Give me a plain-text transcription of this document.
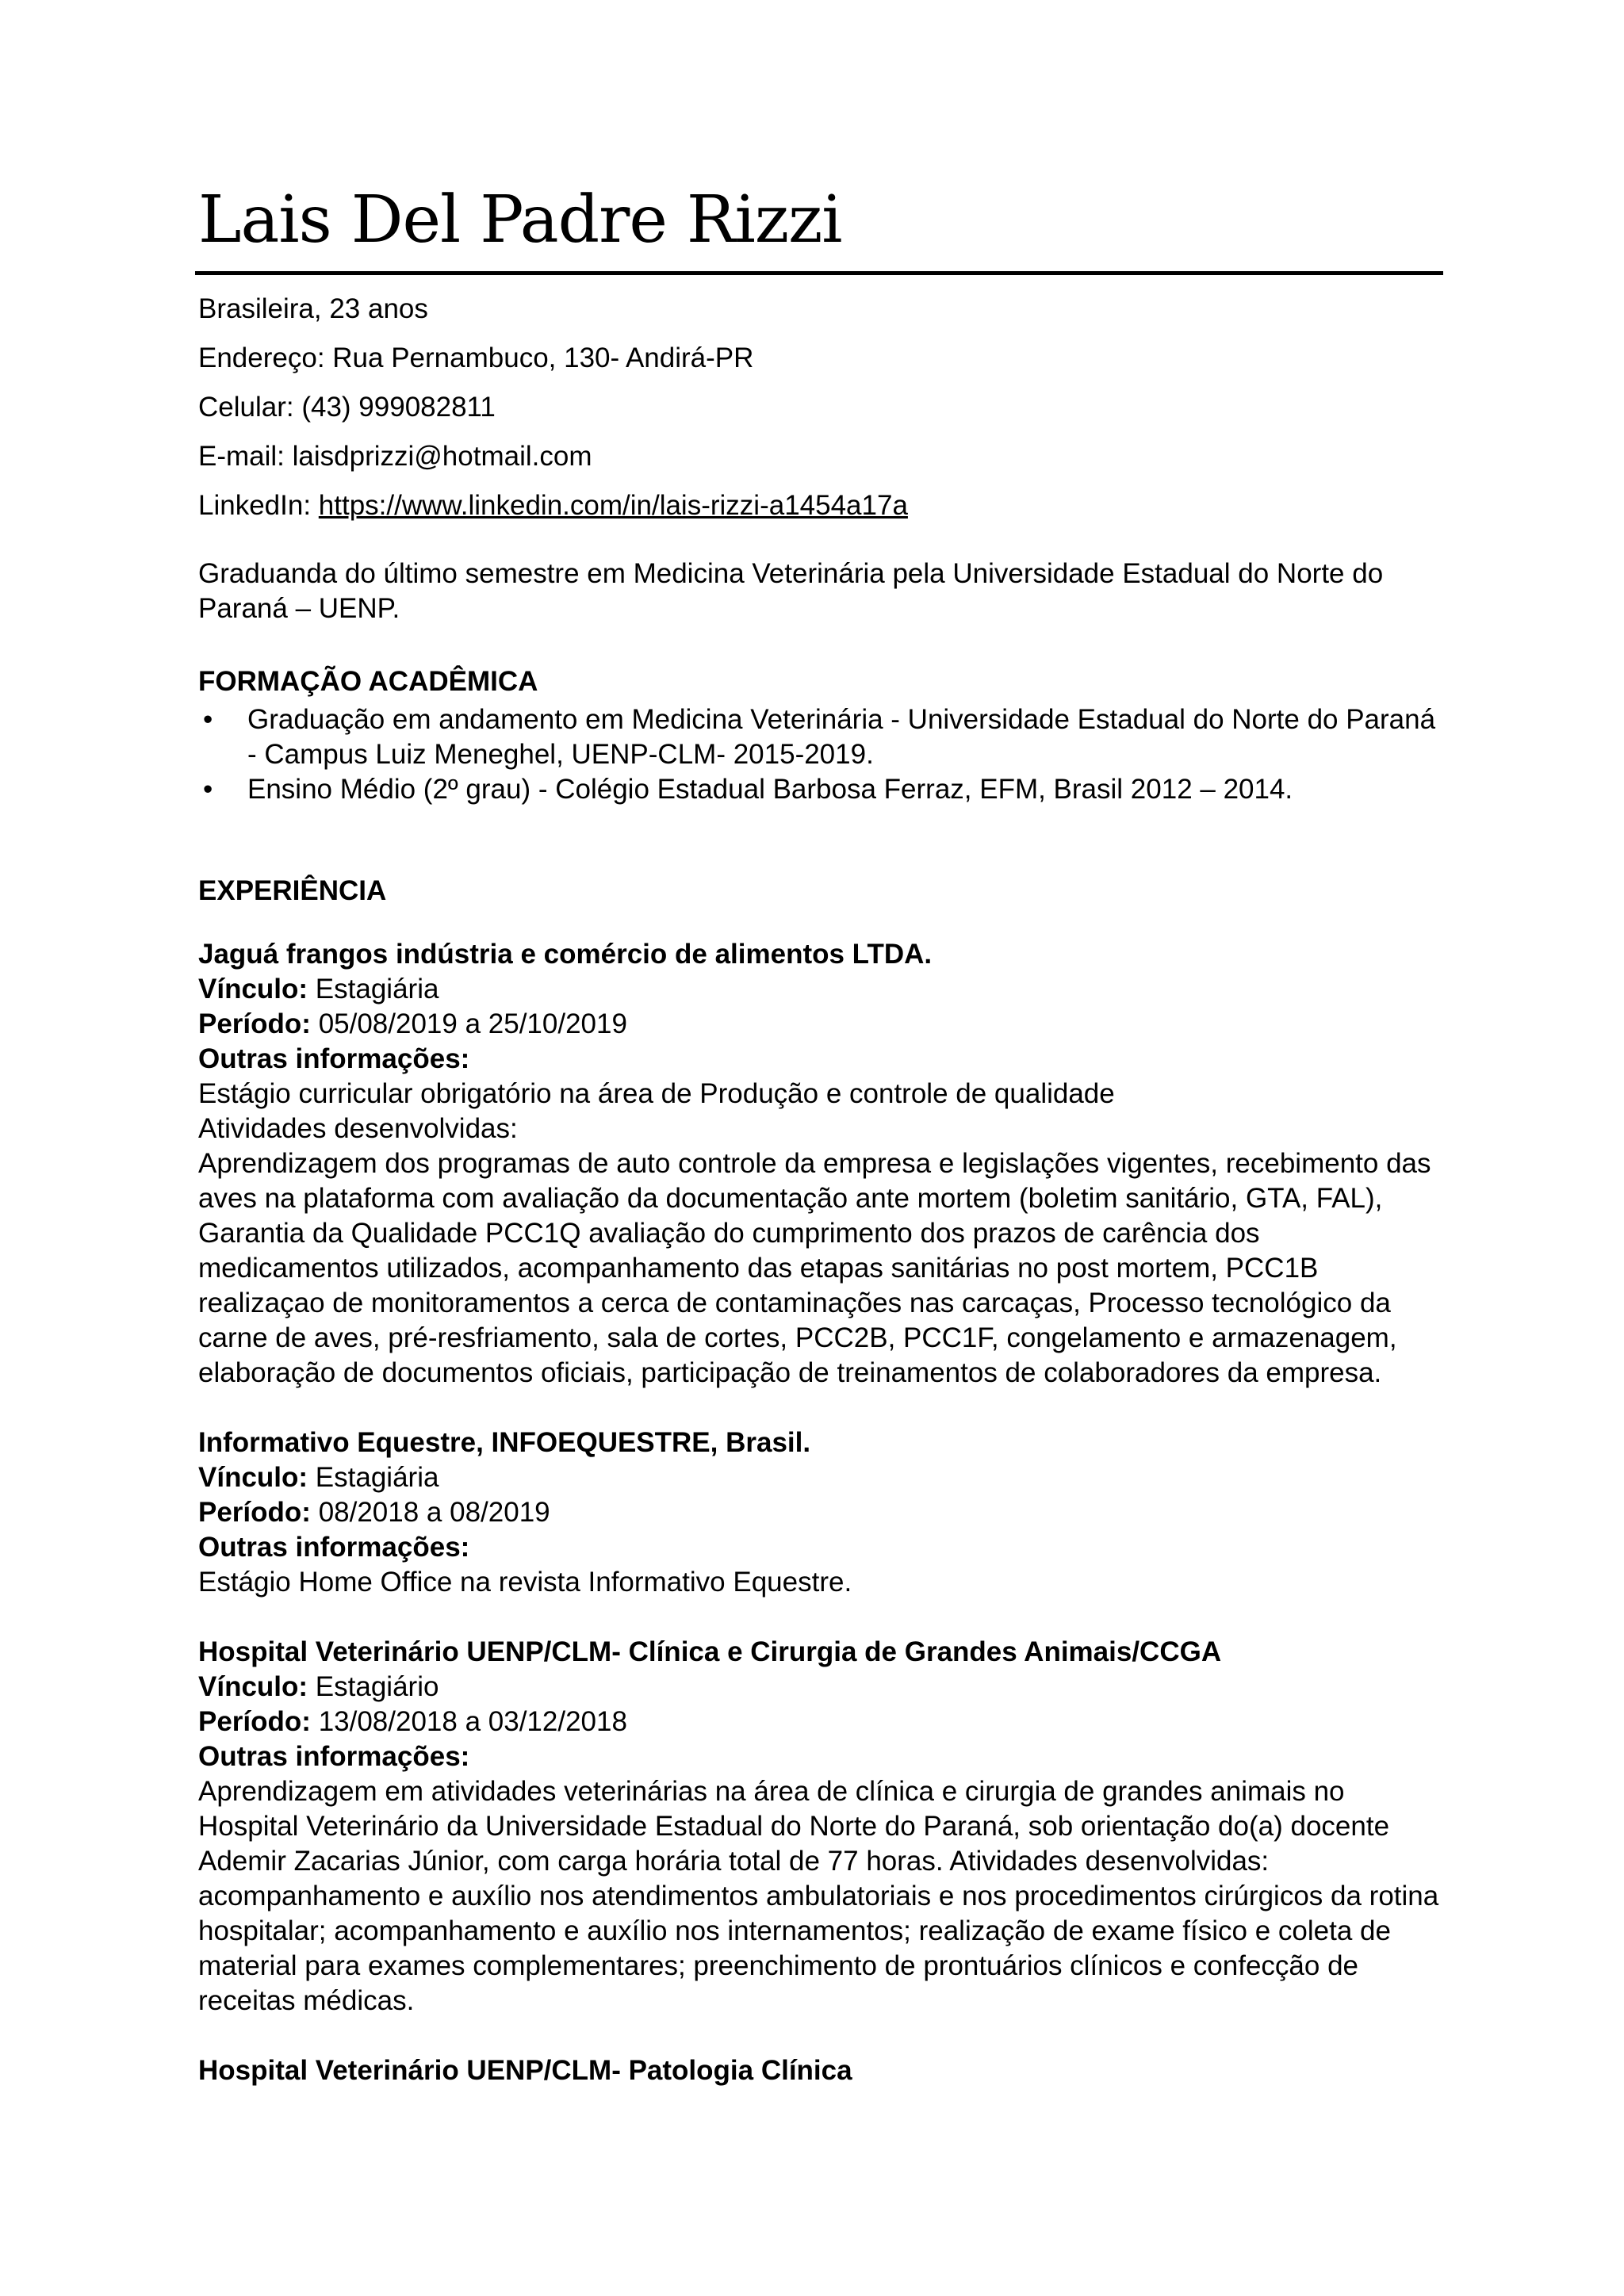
Lais Del Padre Rizzi
Brasileira, 23 anos
Endereço: Rua Pernambuco, 130- Andirá-PR
Celular: (43) 999082811
E-mail: laisdprizzi@hotmail.com
LinkedIn: https://www.linkedin.com/in/lais-rizzi-a1454a17a
Graduanda do último semestre em Medicina Veterinária pela Universidade Estadual do Norte do Paraná – UENP.
FORMAÇÃO ACADÊMICA
• Graduação em andamento em Medicina Veterinária - Universidade Estadual do Norte do Paraná - Campus Luiz Meneghel, UENP-CLM- 2015-2019.
• Ensino Médio (2º grau) - Colégio Estadual Barbosa Ferraz, EFM, Brasil 2012 – 2014.
EXPERIÊNCIA
Jaguá frangos indústria e comércio de alimentos LTDA.
Vínculo: Estagiária
Período: 05/08/2019 a 25/10/2019
Outras informações:
Estágio curricular obrigatório na área de Produção e controle de qualidade
Atividades desenvolvidas:
Aprendizagem dos programas de auto controle da empresa e legislações vigentes, recebimento das aves na plataforma com avaliação da documentação ante mortem (boletim sanitário, GTA, FAL), Garantia da Qualidade PCC1Q avaliação do cumprimento dos prazos de carência dos medicamentos utilizados, acompanhamento das etapas sanitárias no post mortem, PCC1B realizaçao de monitoramentos a cerca de contaminações nas carcaças, Processo tecnológico da carne de aves, pré-resfriamento, sala de cortes, PCC2B, PCC1F, congelamento e armazenagem, elaboração de documentos oficiais, participação de treinamentos de colaboradores da empresa.
Informativo Equestre, INFOEQUESTRE, Brasil.
Vínculo: Estagiária
Período: 08/2018 a 08/2019
Outras informações:
Estágio Home Office na revista Informativo Equestre.
Hospital Veterinário UENP/CLM- Clínica e Cirurgia de Grandes Animais/CCGA
Vínculo: Estagiário
Período: 13/08/2018 a 03/12/2018
Outras informações:
Aprendizagem em atividades veterinárias na área de clínica e cirurgia de grandes animais no Hospital Veterinário da Universidade Estadual do Norte do Paraná, sob orientação do(a) docente Ademir Zacarias Júnior, com carga horária total de 77 horas. Atividades desenvolvidas: acompanhamento e auxílio nos atendimentos ambulatoriais e nos procedimentos cirúrgicos da rotina hospitalar; acompanhamento e auxílio nos internamentos; realização de exame físico e coleta de material para exames complementares; preenchimento de prontuários clínicos e confecção de receitas médicas.
Hospital Veterinário UENP/CLM- Patologia Clínica
